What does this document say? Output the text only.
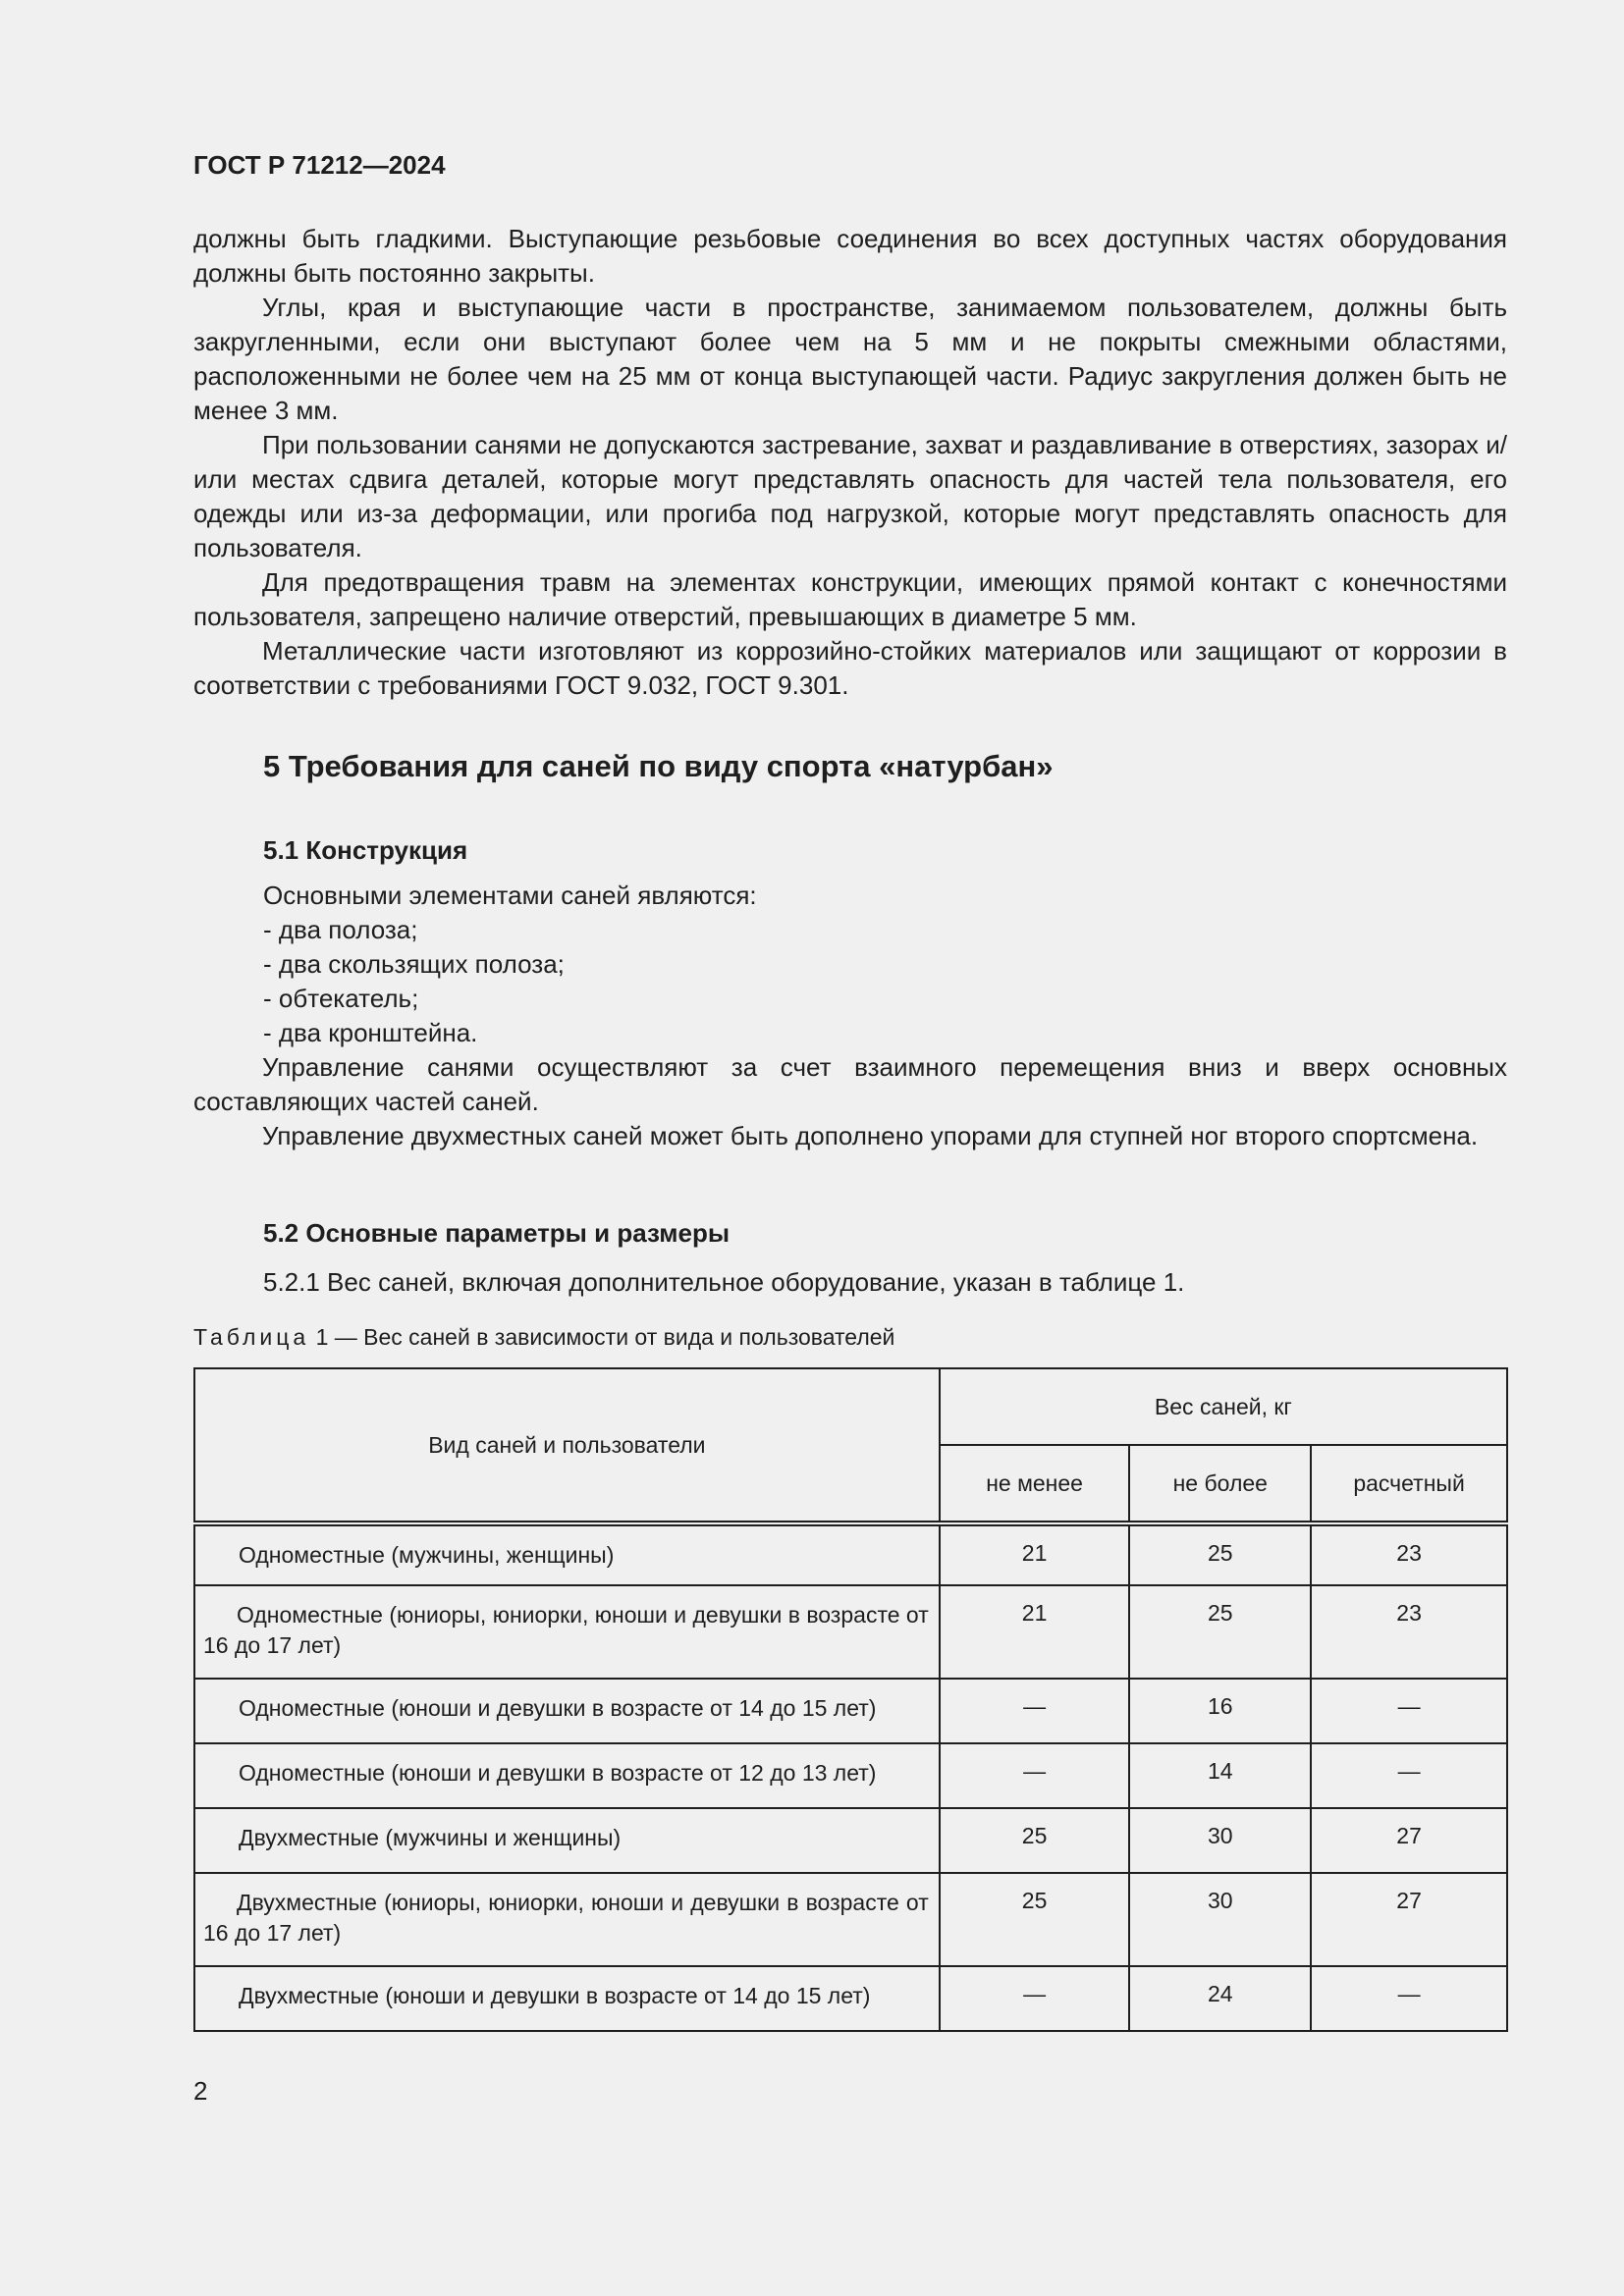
ГОСТ Р 71212—2024

должны быть гладкими. Выступающие резьбовые соединения во всех доступных частях оборудования должны быть постоянно закрыты.

Углы, края и выступающие части в пространстве, занимаемом пользователем, должны быть закругленными, если они выступают более чем на 5 мм и не покрыты смежными областями, расположенными не более чем на 25 мм от конца выступающей части. Радиус закругления должен быть не менее 3 мм.

При пользовании санями не допускаются застревание, захват и раздавливание в отверстиях, зазорах и/или местах сдвига деталей, которые могут представлять опасность для частей тела пользователя, его одежды или из-за деформации, или прогиба под нагрузкой, которые могут представлять опасность для пользователя.

Для предотвращения травм на элементах конструкции, имеющих прямой контакт с конечностями пользователя, запрещено наличие отверстий, превышающих в диаметре 5 мм.

Металлические части изготовляют из коррозийно-стойких материалов или защищают от коррозии в соответствии с требованиями ГОСТ 9.032, ГОСТ 9.301.

5 Требования для саней по виду спорта «натурбан»
5.1 Конструкция

Основными элементами саней являются:

- два полоза;

- два скользящих полоза;

- обтекатель;

- два кронштейна.

Управление санями осуществляют за счет взаимного перемещения вниз и вверх основных составляющих частей саней.

Управление двухместных саней может быть дополнено упорами для ступней ног второго спортсмена.

5.2 Основные параметры и размеры
5.2.1 Вес саней, включая дополнительное оборудование, указан в таблице 1.
Таблица 1 — Вес саней в зависимости от вида и пользователей
Вид саней и пользователи	Вес саней, кг		
	не менее	не более	расчетный
Одноместные (мужчины, женщины)	21	25	23
Одноместные (юниоры, юниорки, юноши и девушки в возрасте от 16 до 17 лет)	21	25	23
Одноместные (юноши и девушки в возрасте от 14 до 15 лет)	—	16	—
Одноместные (юноши и девушки в возрасте от 12 до 13 лет)	—	14	—
Двухместные (мужчины и женщины)	25	30	27
Двухместные (юниоры, юниорки, юноши и девушки в возрасте от 16 до 17 лет)	25	30	27
Двухместные (юноши и девушки в возрасте от 14 до 15 лет)	—	24	—
2
